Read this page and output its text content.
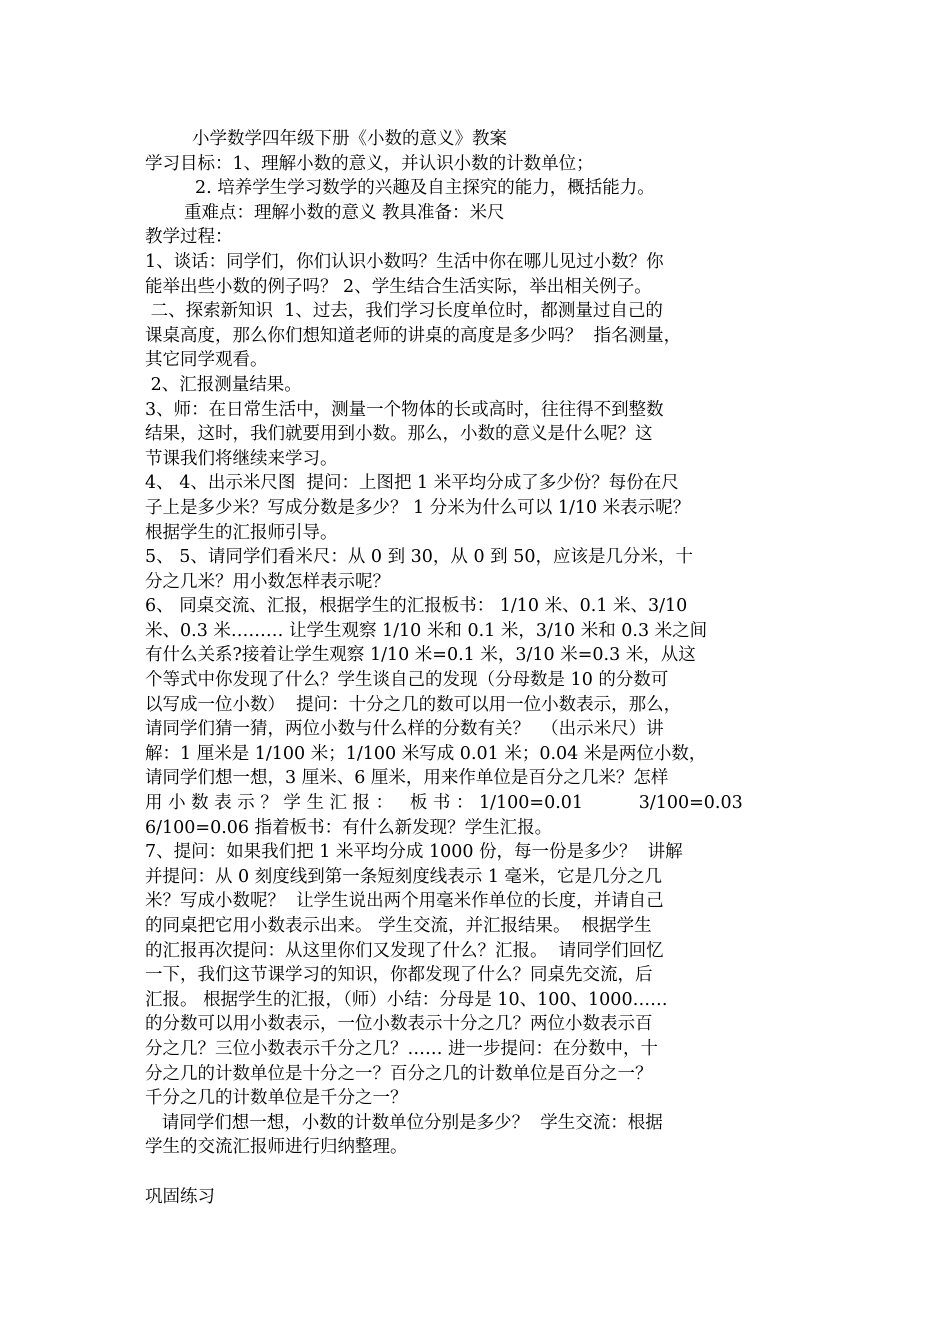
小学数学四年级下册《小数的意义》教案

学习目标：1、理解小数的意义，并认识小数的计数单位；

2. 培养学生学习数学的兴趣及自主探究的能力，概括能力。

重难点：理解小数的意义 教具准备：米尺

教学过程：

1、谈话：同学们，你们认识小数吗？生活中你在哪儿见过小数？你

能举出些小数的例子吗？ 2、学生结合生活实际，举出相关例子。

二、探索新知识  1、过去，我们学习长度单位时，都测量过自己的

课桌高度，那么你们想知道老师的讲桌的高度是多少吗？  指名测量，

其它同学观看。

2、汇报测量结果。

3、师：在日常生活中，测量一个物体的长或高时，往往得不到整数

结果，这时，我们就要用到小数。那么，小数的意义是什么呢？这

节课我们将继续来学习。

4、 4、出示米尺图  提问：上图把 1 米平均分成了多少份？每份在尺

子上是多少米？写成分数是多少？ 1 分米为什么可以 1/10 米表示呢？

根据学生的汇报师引导。

5、 5、请同学们看米尺：从 0 到 30，从 0 到 50，应该是几分米，十

分之几米？用小数怎样表示呢？

6、 同桌交流、汇报，根据学生的汇报板书： 1/10 米、0.1 米、3/10

米、0.3 米……… 让学生观察 1/10 米和 0.1 米，3/10 米和 0.3 米之间

有什么关系?接着让学生观察 1/10 米=0.1 米，3/10 米=0.3 米，从这

个等式中你发现了什么？学生谈自己的发现（分母数是 10 的分数可

以写成一位小数）  提问：十分之几的数可以用一位小数表示，那么，

请同学们猜一猜，两位小数与什么样的分数有关？  （出示米尺）讲

解：1 厘米是 1/100 米；1/100 米写成 0.01 米；0.04 米是两位小数，

请同学们想一想，3 厘米、6 厘米，用来作单位是百分之几米？怎样

用 小 数 表 示 ？ 学 生 汇 报 ：   板 书 ： 1/100=0.01          3/100=0.03

6/100=0.06 指着板书：有什么新发现？学生汇报。

7、提问：如果我们把 1 米平均分成 1000 份，每一份是多少？  讲解

并提问：从 0 刻度线到第一条短刻度线表示 1 毫米，它是几分之几

米？写成小数呢？  让学生说出两个用毫米作单位的长度，并请自己

的同桌把它用小数表示出来。 学生交流，并汇报结果。  根据学生

的汇报再次提问：从这里你们又发现了什么？汇报。  请同学们回忆

一下，我们这节课学习的知识，你都发现了什么？同桌先交流，后

汇报。 根据学生的汇报，（师）小结：分母是 10、100、1000……

的分数可以用小数表示，一位小数表示十分之几？两位小数表示百

分之几？三位小数表示千分之几？…… 进一步提问：在分数中，十

分之几的计数单位是十分之一？百分之几的计数单位是百分之一？

千分之几的计数单位是千分之一？

请同学们想一想，小数的计数单位分别是多少？  学生交流：根据

学生的交流汇报师进行归纳整理。

巩固练习
